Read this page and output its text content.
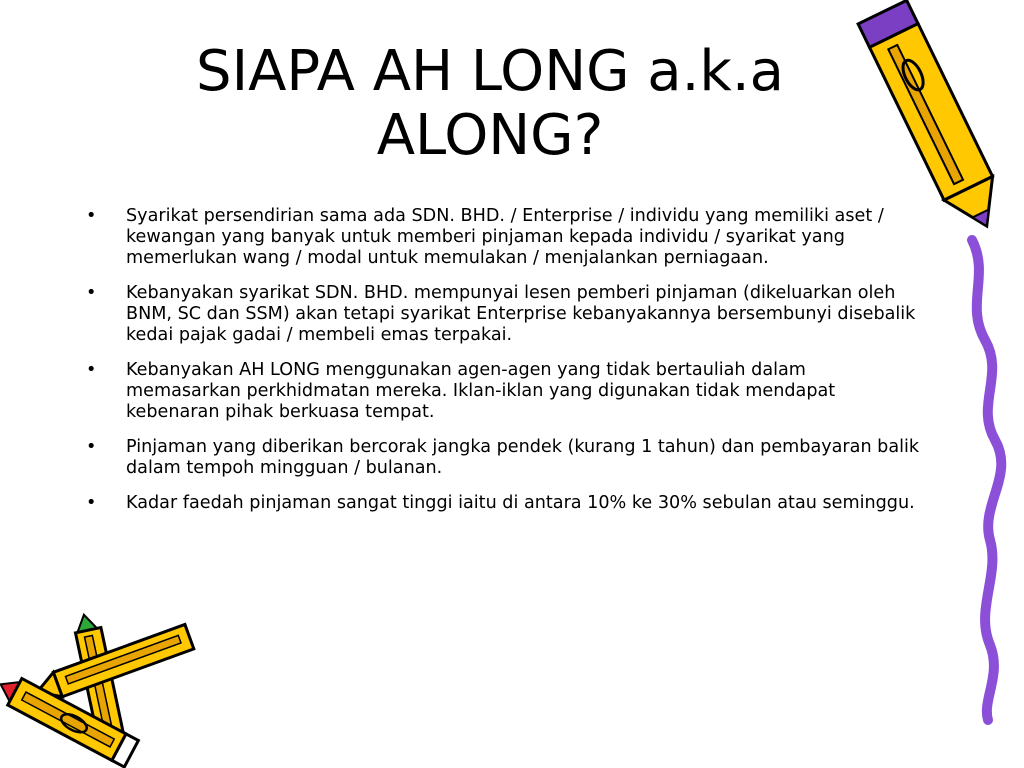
SIAPA AH LONG a.k.a
ALONG?
• Syarikat persendirian sama ada SDN. BHD. / Enterprise / individu yang memiliki aset / kewangan yang banyak untuk memberi pinjaman kepada individu / syarikat yang memerlukan wang / modal untuk memulakan / menjalankan perniagaan.
• Kebanyakan syarikat SDN. BHD. mempunyai lesen pemberi pinjaman (dikeluarkan oleh BNM, SC dan SSM) akan tetapi syarikat Enterprise kebanyakannya bersembunyi disebalik kedai pajak gadai / membeli emas terpakai.
• Kebanyakan AH LONG menggunakan agen-agen yang tidak bertauliah dalam memasarkan perkhidmatan mereka. Iklan-iklan yang digunakan tidak mendapat kebenaran pihak berkuasa tempat.
• Pinjaman yang diberikan bercorak jangka pendek (kurang 1 tahun) dan pembayaran balik dalam tempoh mingguan / bulanan.
• Kadar faedah pinjaman sangat tinggi iaitu di antara 10% ke 30% sebulan atau seminggu.
